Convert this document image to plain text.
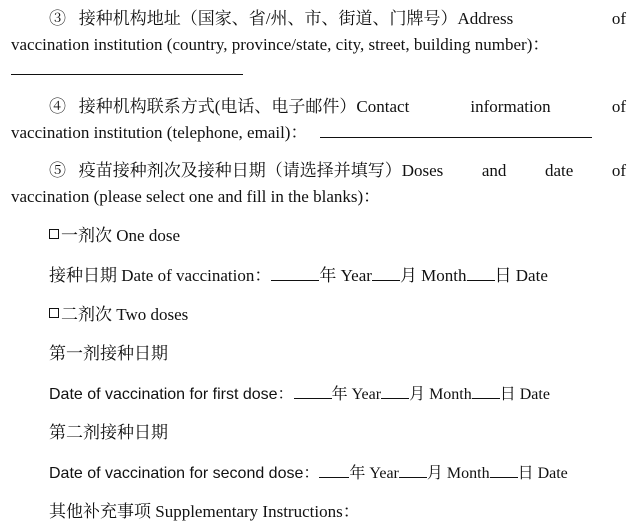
③ 接种机构地址（国家、省/州、市、街道、门牌号）Address	of
vaccination institution (country, province/state, city, street, building number)：
④ 接种机构联系方式(电话、电子邮件）Contact	information	of
vaccination institution (telephone, email)：
⑤ 疫苗接种剂次及接种日期（请选择并填写）Doses and date of
vaccination (please select one and fill in the blanks)：
一剂次 One dose
接种日期 Date of vaccination：	年 Year 月 Month 日 Date
二剂次 Two doses
第一剂接种日期
Date of vaccination for first dose： 年 Year 月 Month 日 Date
第二剂接种日期
Date of vaccination for second dose： 年 Year 月 Month 日 Date
其他补充事项 Supplementary Instructions：
